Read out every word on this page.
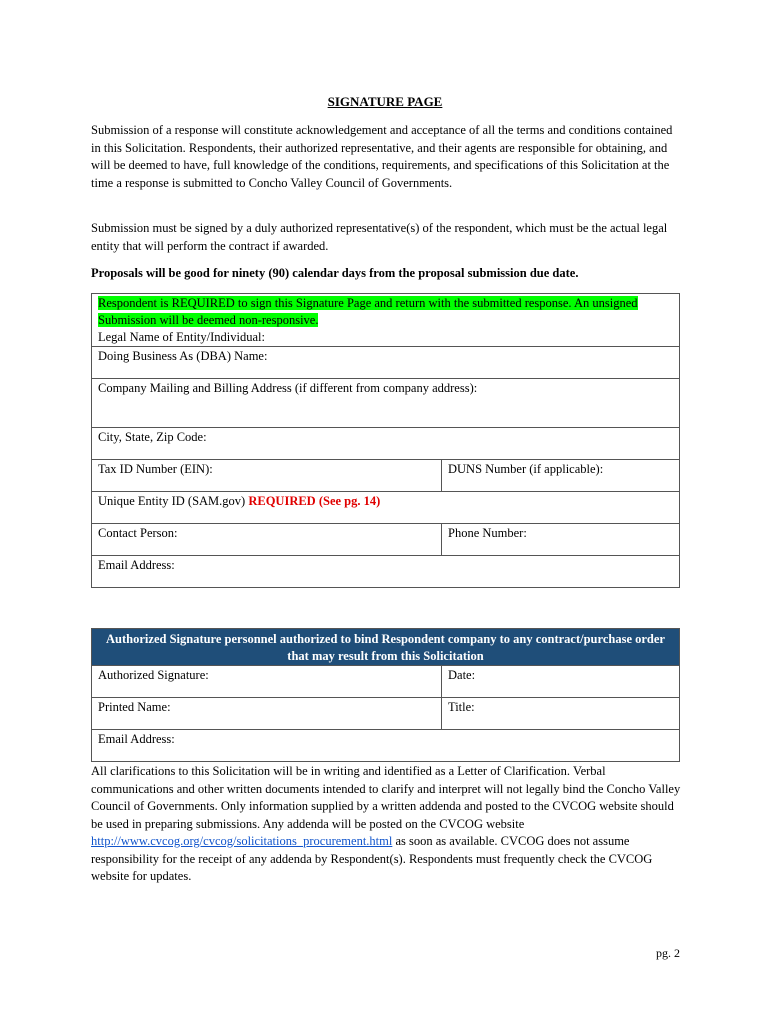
SIGNATURE PAGE

Submission of a response will constitute acknowledgement and acceptance of all the terms and conditions contained in this Solicitation. Respondents, their authorized representative, and their agents are responsible for obtaining, and will be deemed to have, full knowledge of the conditions, requirements, and specifications of this Solicitation at the time a response is submitted to Concho Valley Council of Governments.

Submission must be signed by a duly authorized representative(s) of the respondent, which must be the actual legal entity that will perform the contract if awarded.

Proposals will be good for ninety (90) calendar days from the proposal submission due date.

Respondent is REQUIRED to sign this Signature Page and return with the submitted response. An unsigned Submission will be deemed non-responsive.
Legal Name of Entity/Individual:	
Doing Business As (DBA) Name:	
Company Mailing and Billing Address (if different from company address):	
City, State, Zip Code:	
Tax ID Number (EIN):	DUNS Number (if applicable):
Unique Entity ID (SAM.gov) REQUIRED (See pg. 14)	
Contact Person:	Phone Number:
Email Address:	
Authorized Signature personnel authorized to bind Respondent company to any contract/purchase order that may result from this Solicitation	
Authorized Signature:	Date:
Printed Name:	Title:
Email Address:	

All clarifications to this Solicitation will be in writing and identified as a Letter of Clarification. Verbal communications and other written documents intended to clarify and interpret will not legally bind the Concho Valley Council of Governments. Only information supplied by a written addenda and posted to the CVCOG website should be used in preparing submissions. Any addenda will be posted on the CVCOG website http://www.cvcog.org/cvcog/solicitations_procurement.html as soon as available. CVCOG does not assume responsibility for the receipt of any addenda by Respondent(s). Respondents must frequently check the CVCOG website for updates.

pg. 2
